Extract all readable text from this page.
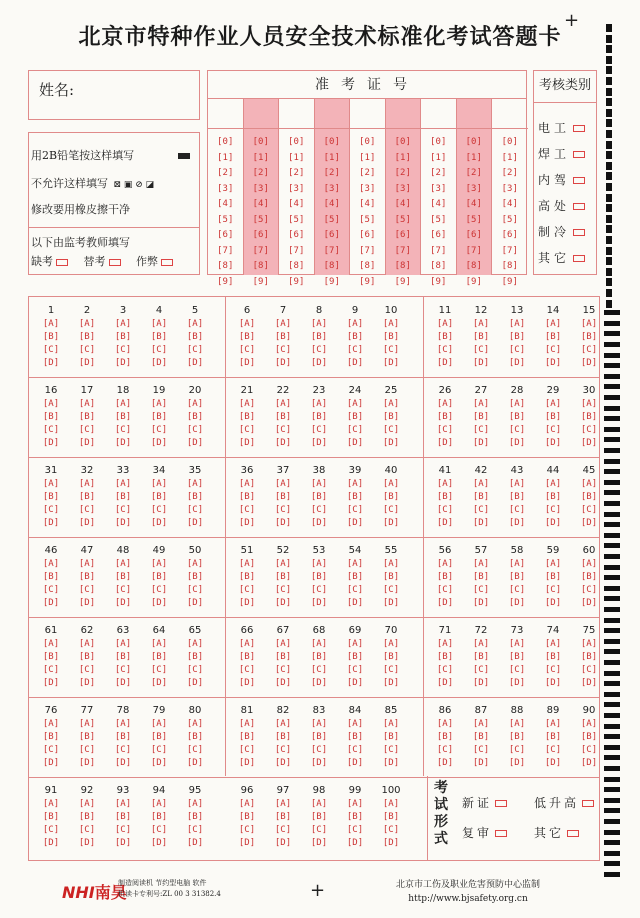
北京市特种作业人员安全技术标准化考试答题卡
+
姓名:
用2B铅笔按这样填写
不允许这样填写 ⊠ ▣ ⊘ ◪
修改要用橡皮擦干净
以下由监考教师填写
缺考	替考	作弊
准考证号
[0]
[1]
[2]
[3]
[4]
[5]
[6]
[7]
[8]
[9]
[0]
[1]
[2]
[3]
[4]
[5]
[6]
[7]
[8]
[9]
[0]
[1]
[2]
[3]
[4]
[5]
[6]
[7]
[8]
[9]
[0]
[1]
[2]
[3]
[4]
[5]
[6]
[7]
[8]
[9]
[0]
[1]
[2]
[3]
[4]
[5]
[6]
[7]
[8]
[9]
[0]
[1]
[2]
[3]
[4]
[5]
[6]
[7]
[8]
[9]
[0]
[1]
[2]
[3]
[4]
[5]
[6]
[7]
[8]
[9]
[0]
[1]
[2]
[3]
[4]
[5]
[6]
[7]
[8]
[9]
[0]
[1]
[2]
[3]
[4]
[5]
[6]
[7]
[8]
[9]
考核类别
电工
焊工
内驾
高处
制冷
其它
1
[A]
[B]
[C]
[D]
2
[A]
[B]
[C]
[D]
3
[A]
[B]
[C]
[D]
4
[A]
[B]
[C]
[D]
5
[A]
[B]
[C]
[D]
6
[A]
[B]
[C]
[D]
7
[A]
[B]
[C]
[D]
8
[A]
[B]
[C]
[D]
9
[A]
[B]
[C]
[D]
10
[A]
[B]
[C]
[D]
11
[A]
[B]
[C]
[D]
12
[A]
[B]
[C]
[D]
13
[A]
[B]
[C]
[D]
14
[A]
[B]
[C]
[D]
15
[A]
[B]
[C]
[D]
16
[A]
[B]
[C]
[D]
17
[A]
[B]
[C]
[D]
18
[A]
[B]
[C]
[D]
19
[A]
[B]
[C]
[D]
20
[A]
[B]
[C]
[D]
21
[A]
[B]
[C]
[D]
22
[A]
[B]
[C]
[D]
23
[A]
[B]
[C]
[D]
24
[A]
[B]
[C]
[D]
25
[A]
[B]
[C]
[D]
26
[A]
[B]
[C]
[D]
27
[A]
[B]
[C]
[D]
28
[A]
[B]
[C]
[D]
29
[A]
[B]
[C]
[D]
30
[A]
[B]
[C]
[D]
31
[A]
[B]
[C]
[D]
32
[A]
[B]
[C]
[D]
33
[A]
[B]
[C]
[D]
34
[A]
[B]
[C]
[D]
35
[A]
[B]
[C]
[D]
36
[A]
[B]
[C]
[D]
37
[A]
[B]
[C]
[D]
38
[A]
[B]
[C]
[D]
39
[A]
[B]
[C]
[D]
40
[A]
[B]
[C]
[D]
41
[A]
[B]
[C]
[D]
42
[A]
[B]
[C]
[D]
43
[A]
[B]
[C]
[D]
44
[A]
[B]
[C]
[D]
45
[A]
[B]
[C]
[D]
46
[A]
[B]
[C]
[D]
47
[A]
[B]
[C]
[D]
48
[A]
[B]
[C]
[D]
49
[A]
[B]
[C]
[D]
50
[A]
[B]
[C]
[D]
51
[A]
[B]
[C]
[D]
52
[A]
[B]
[C]
[D]
53
[A]
[B]
[C]
[D]
54
[A]
[B]
[C]
[D]
55
[A]
[B]
[C]
[D]
56
[A]
[B]
[C]
[D]
57
[A]
[B]
[C]
[D]
58
[A]
[B]
[C]
[D]
59
[A]
[B]
[C]
[D]
60
[A]
[B]
[C]
[D]
61
[A]
[B]
[C]
[D]
62
[A]
[B]
[C]
[D]
63
[A]
[B]
[C]
[D]
64
[A]
[B]
[C]
[D]
65
[A]
[B]
[C]
[D]
66
[A]
[B]
[C]
[D]
67
[A]
[B]
[C]
[D]
68
[A]
[B]
[C]
[D]
69
[A]
[B]
[C]
[D]
70
[A]
[B]
[C]
[D]
71
[A]
[B]
[C]
[D]
72
[A]
[B]
[C]
[D]
73
[A]
[B]
[C]
[D]
74
[A]
[B]
[C]
[D]
75
[A]
[B]
[C]
[D]
76
[A]
[B]
[C]
[D]
77
[A]
[B]
[C]
[D]
78
[A]
[B]
[C]
[D]
79
[A]
[B]
[C]
[D]
80
[A]
[B]
[C]
[D]
81
[A]
[B]
[C]
[D]
82
[A]
[B]
[C]
[D]
83
[A]
[B]
[C]
[D]
84
[A]
[B]
[C]
[D]
85
[A]
[B]
[C]
[D]
86
[A]
[B]
[C]
[D]
87
[A]
[B]
[C]
[D]
88
[A]
[B]
[C]
[D]
89
[A]
[B]
[C]
[D]
90
[A]
[B]
[C]
[D]
91
[A]
[B]
[C]
[D]
92
[A]
[B]
[C]
[D]
93
[A]
[B]
[C]
[D]
94
[A]
[B]
[C]
[D]
95
[A]
[B]
[C]
[D]
96
[A]
[B]
[C]
[D]
97
[A]
[B]
[C]
[D]
98
[A]
[B]
[C]
[D]
99
[A]
[B]
[C]
[D]
100
[A]
[B]
[C]
[D]
考试形式
新证	低升高
复审	其它
NHI南昊
制造阅读机 节约型电脑 软件
机读卡专利号:ZL 00 3 31382.4	+	北京市工伤及职业危害预防中心监制
http://www.bjsafety.org.cn
